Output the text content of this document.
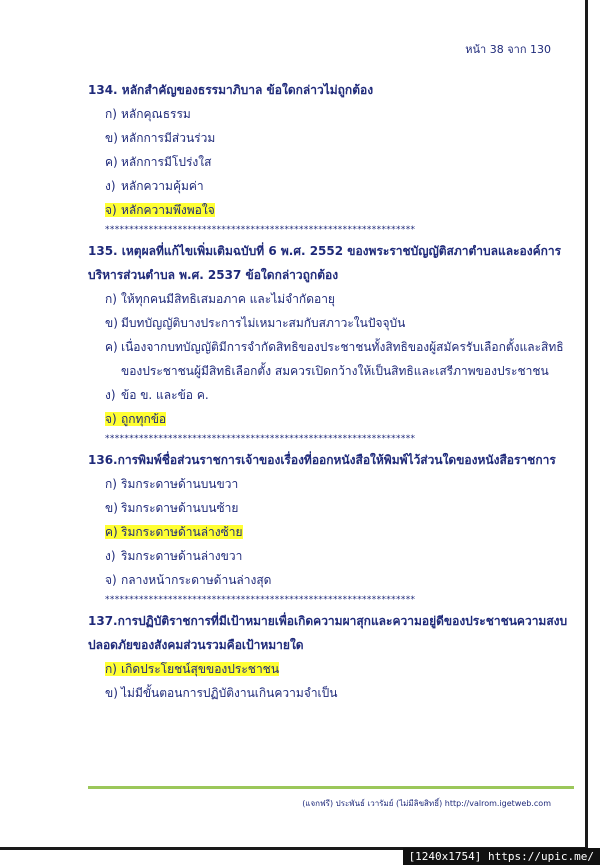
หน้า 38 จาก 130
134. หลักสำคัญของธรรมาภิบาล ข้อใดกล่าวไม่ถูกต้อง
ก) หลักคุณธรรม
ข) หลักการมีส่วนร่วม
ค) หลักการมีโปร่งใส
ง) หลักความคุ้มค่า
จ) หลักความพึงพอใจ
****************************************************************
135. เหตุผลที่แก้ไขเพิ่มเติมฉบับที่ 6 พ.ศ. 2552 ของพระราชบัญญัติสภาตำบลและองค์การบริหารส่วนตำบล พ.ศ. 2537 ข้อใดกล่าวถูกต้อง
ก) ให้ทุกคนมีสิทธิเสมอภาค และไม่จำกัดอายุ
ข) มีบทบัญญัติบางประการไม่เหมาะสมกับสภาวะในปัจจุบัน
ค) เนื่องจากบทบัญญัติมีการจำกัดสิทธิของประชาชนทั้งสิทธิของผู้สมัครรับเลือกตั้งและสิทธิ
ของประชาชนผู้มีสิทธิเลือกตั้ง สมควรเปิดกว้างให้เป็นสิทธิและเสรีภาพของประชาชน
ง) ข้อ ข. และข้อ ค.
จ) ถูกทุกข้อ
****************************************************************
136.การพิมพ์ชื่อส่วนราชการเจ้าของเรื่องที่ออกหนังสือให้พิมพ์ไว้ส่วนใดของหนังสือราชการ
ก) ริมกระดาษด้านบนขวา
ข) ริมกระดาษด้านบนซ้าย
ค) ริมกระดาษด้านล่างซ้าย
ง) ริมกระดาษด้านล่างขวา
จ) กลางหน้ากระดาษด้านล่างสุด
****************************************************************
137.การปฏิบัติราชการที่มีเป้าหมายเพื่อเกิดความผาสุกและความอยู่ดีของประชาชนความสงบปลอดภัยของสังคมส่วนรวมคือเป้าหมายใด
ก) เกิดประโยชน์สุขของประชาชน
ข) ไม่มีขั้นตอนการปฏิบัติงานเกินความจำเป็น
(แจกฟรี) ประพันธ์ เวารัมย์ (ไม่มีลิขสิทธิ์) http://valrom.igetweb.com
[1240x1754] https://upic.me/
